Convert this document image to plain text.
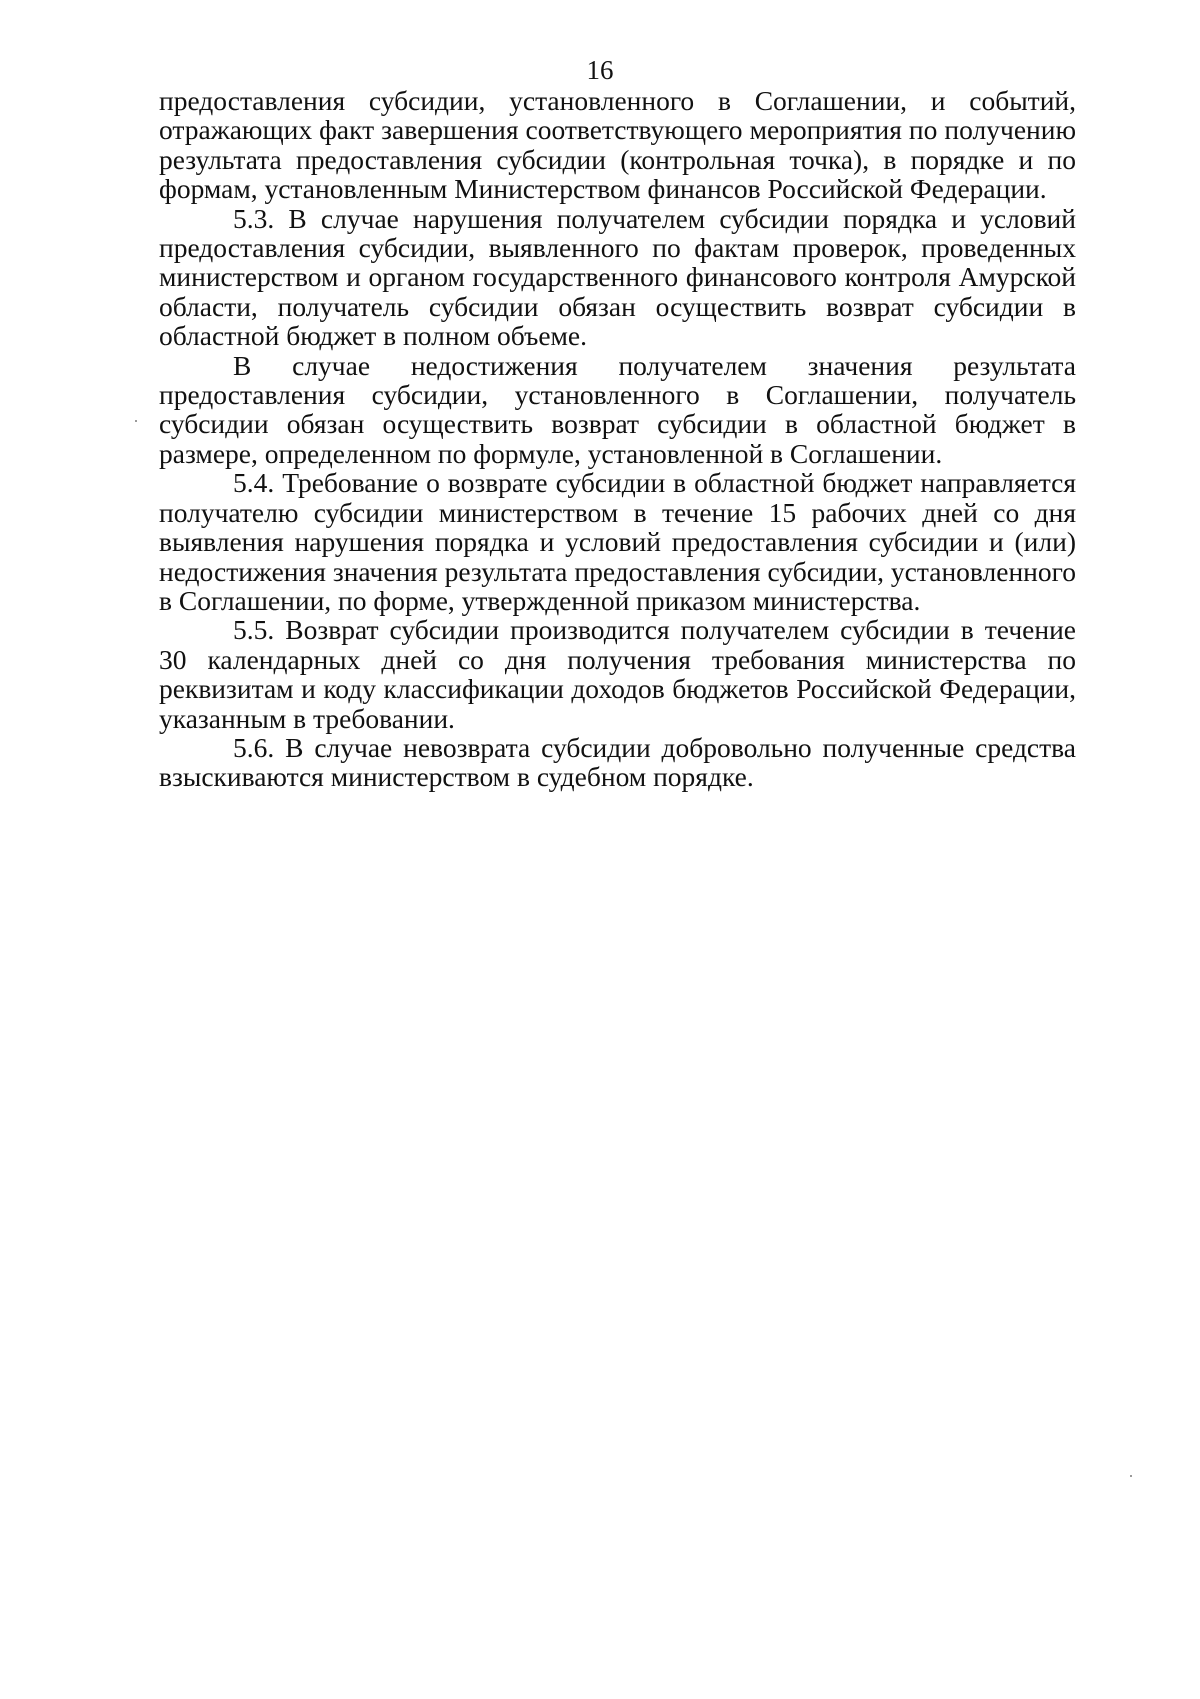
16

предоставления субсидии, установленного в Соглашении, и событий, отражающих факт завершения соответствующего мероприятия по получению результата предоставления субсидии (контрольная точка), в порядке и по формам, установленным Министерством финансов Российской Федерации.

5.3. В случае нарушения получателем субсидии порядка и условий предоставления субсидии, выявленного по фактам проверок, проведенных министерством и органом государственного финансового контроля Амурской области, получатель субсидии обязан осуществить возврат субсидии в областной бюджет в полном объеме.

В случае недостижения получателем значения результата предоставления субсидии, установленного в Соглашении, получатель субсидии обязан осуществить возврат субсидии в областной бюджет в размере, определенном по формуле, установленной в Соглашении.

5.4. Требование о возврате субсидии в областной бюджет направляется получателю субсидии министерством в течение 15 рабочих дней со дня выявления нарушения порядка и условий предоставления субсидии и (или) недостижения значения результата предоставления субсидии, установленного в Соглашении, по форме, утвержденной приказом министерства.

5.5. Возврат субсидии производится получателем субсидии в течение 30 календарных дней со дня получения требования министерства по реквизитам и коду классификации доходов бюджетов Российской Федерации, указанным в требовании.

5.6. В случае невозврата субсидии добровольно полученные средства взыскиваются министерством в судебном порядке.
